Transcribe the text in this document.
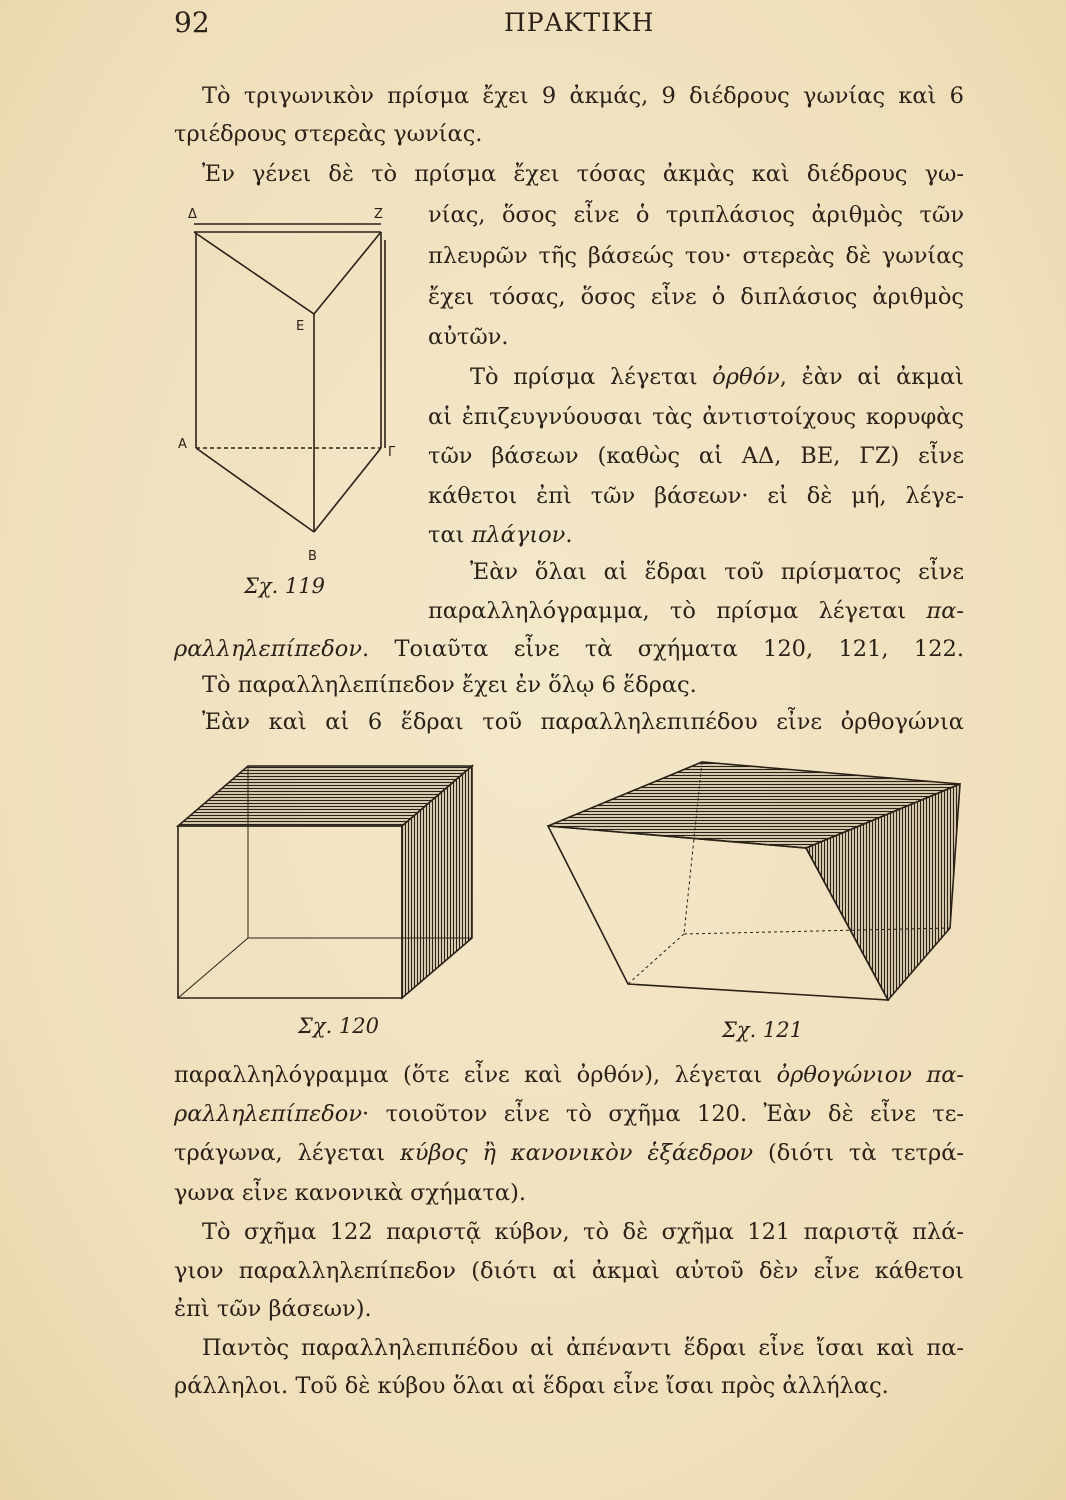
92	ΠΡΑΚΤΙΚΗ
Τὸ τριγωνικὸν πρίσμα ἔχει 9 ἀκμάς, 9 διέδρους γωνίας καὶ 6
τριέδρους στερεὰς γωνίας.
Ἐν γένει δὲ τὸ πρίσμα ἔχει τόσας ἀκμὰς καὶ διέδρους γω-
νίας, ὅσος εἶνε ὁ τριπλάσιος ἀριθμὸς τῶν
πλευρῶν τῆς βάσεώς του· στερεὰς δὲ γωνίας
ἔχει τόσας, ὅσος εἶνε ὁ διπλάσιος ἀριθμὸς
αὐτῶν.
Τὸ πρίσμα λέγεται ὀρθόν, ἐὰν αἱ ἀκμαὶ
αἱ ἐπιζευγνύουσαι τὰς ἀντιστοίχους κορυφὰς
τῶν βάσεων (καθὼς αἱ ΑΔ, ΒΕ, ΓΖ) εἶνε
κάθετοι ἐπὶ τῶν βάσεων· εἰ δὲ μή, λέγε-
ται πλάγιον.
Ἐὰν ὅλαι αἱ ἕδραι τοῦ πρίσματος εἶνε
παραλληλόγραμμα, τὸ πρίσμα λέγεται πα-
ραλληλεπίπεδον. Τοιαῦτα εἶνε τὰ σχήματα 120, 121, 122.
Τὸ παραλληλεπίπεδον ἔχει ἐν ὅλῳ 6 ἕδρας.
Ἐὰν καὶ αἱ 6 ἕδραι τοῦ παραλληλεπιπέδου εἶνε ὀρθογώνια
Δ	Z
E
A
Γ
B
Σχ. 119
Σχ. 120	Σχ. 121
παραλληλόγραμμα (ὅτε εἶνε καὶ ὀρθόν), λέγεται ὀρθογώνιον πα-
ραλληλεπίπεδον· τοιοῦτον εἶνε τὸ σχῆμα 120. Ἐὰν δὲ εἶνε τε-
τράγωνα, λέγεται κύβος ἢ κανονικὸν ἑξάεδρον (διότι τὰ τετρά-
γωνα εἶνε κανονικὰ σχήματα).
Τὸ σχῆμα 122 παριστᾷ κύβον, τὸ δὲ σχῆμα 121 παριστᾷ πλά-
γιον παραλληλεπίπεδον (διότι αἱ ἀκμαὶ αὐτοῦ δὲν εἶνε κάθετοι
ἐπὶ τῶν βάσεων).
Παντὸς παραλληλεπιπέδου αἱ ἀπέναντι ἕδραι εἶνε ἴσαι καὶ πα-
ράλληλοι. Τοῦ δὲ κύβου ὅλαι αἱ ἕδραι εἶνε ἴσαι πρὸς ἀλλήλας.
